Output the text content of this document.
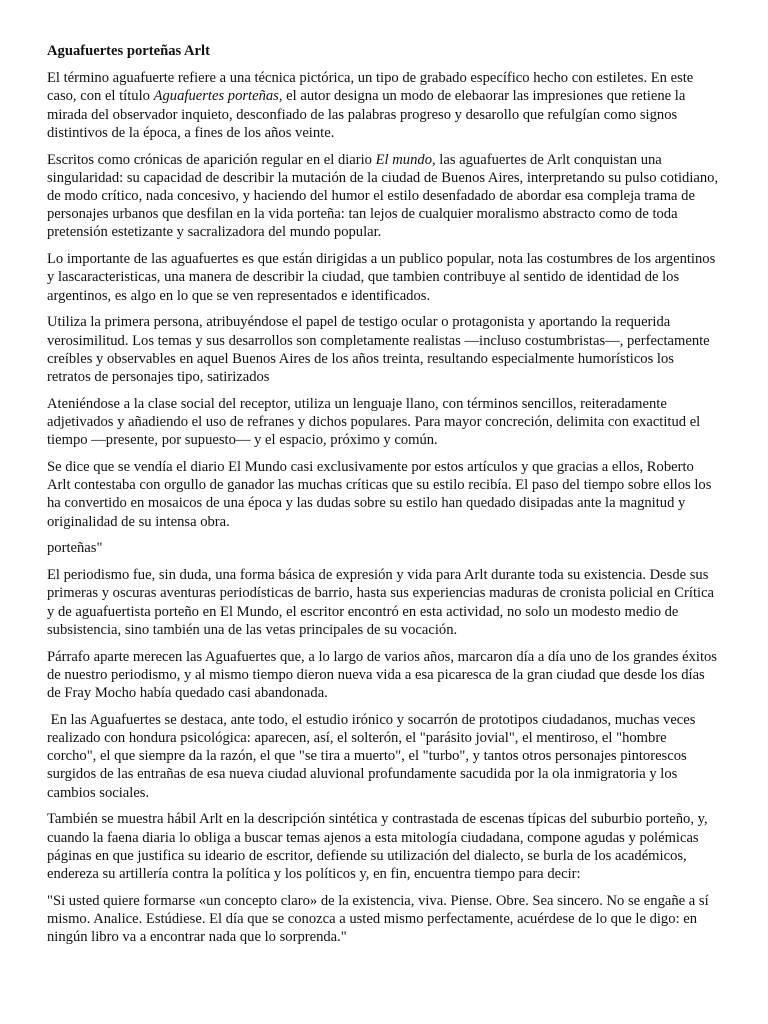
Aguafuertes porteñas Arlt

El término aguafuerte refiere a una técnica pictórica, un tipo de grabado específico hecho con estiletes. En este caso, con el título Aguafuertes porteñas, el autor designa un modo de elebaorar las impresiones que retiene la mirada del observador inquieto, desconfiado de las palabras progreso y desarollo que refulgían como signos distintivos de la época, a fines de los años veinte.

Escritos como crónicas de aparición regular en el diario El mundo, las aguafuertes de Arlt conquistan una singularidad: su capacidad de describir la mutación de la ciudad de Buenos Aires, interpretando su pulso cotidiano, de modo crítico, nada concesivo, y haciendo del humor el estilo desenfadado de abordar esa compleja trama de personajes urbanos que desfilan en la vida porteña: tan lejos de cualquier moralismo abstracto como de toda pretensión estetizante y sacralizadora del mundo popular.

Lo importante de las aguafuertes es que están dirigidas a un publico popular, nota las costumbres de los argentinos y lascaracteristicas, una manera de describir la ciudad, que tambien contribuye al sentido de identidad de los argentinos, es algo en lo que se ven representados e identificados.

Utiliza la primera persona, atribuyéndose el papel de testigo ocular o protagonista y aportando la requerida verosimilitud. Los temas y sus desarrollos son completamente realistas —incluso costumbristas—, perfectamente creíbles y observables en aquel Buenos Aires de los años treinta, resultando especialmente humorísticos los retratos de personajes tipo, satirizados

Ateniéndose a la clase social del receptor, utiliza un lenguaje llano, con términos sencillos, reiteradamente adjetivados y añadiendo el uso de refranes y dichos populares. Para mayor concreción, delimita con exactitud el tiempo —presente, por supuesto— y el espacio, próximo y común.

Se dice que se vendía el diario El Mundo casi exclusivamente por estos artículos y que gracias a ellos, Roberto Arlt contestaba con orgullo de ganador las muchas críticas que su estilo recibía. El paso del tiempo sobre ellos los ha convertido en mosaicos de una época y las dudas sobre su estilo han quedado disipadas ante la magnitud y originalidad de su intensa obra.

porteñas"

El periodismo fue, sin duda, una forma básica de expresión y vida para Arlt durante toda su existencia. Desde sus primeras y oscuras aventuras periodísticas de barrio, hasta sus experiencias maduras de cronista policial en Crítica y de aguafuertista porteño en El Mundo, el escritor encontró en esta actividad, no solo un modesto medio de subsistencia, sino también una de las vetas principales de su vocación.

Párrafo aparte merecen las Aguafuertes que, a lo largo de varios años, marcaron día a día uno de los grandes éxitos de nuestro periodismo, y al mismo tiempo dieron nueva vida a esa picaresca de la gran ciudad que desde los días de Fray Mocho había quedado casi abandonada.

En las Aguafuertes se destaca, ante todo, el estudio irónico y socarrón de prototipos ciudadanos, muchas veces realizado con hondura psicológica: aparecen, así, el solterón, el "parásito jovial", el mentiroso, el "hombre corcho", el que siempre da la razón, el que "se tira a muerto", el "turbo", y tantos otros personajes pintorescos surgidos de las entrañas de esa nueva ciudad aluvional profundamente sacudida por la ola inmigratoria y los cambios sociales.

También se muestra hábil Arlt en la descripción sintética y contrastada de escenas típicas del suburbio porteño, y, cuando la faena diaria lo obliga a buscar temas ajenos a esta mitología ciudadana, compone agudas y polémicas páginas en que justifica su ideario de escritor, defiende su utilización del dialecto, se burla de los académicos, endereza su artillería contra la política y los políticos y, en fin, encuentra tiempo para decir:

"Si usted quiere formarse «un concepto claro» de la existencia, viva. Piense. Obre. Sea sincero. No se engañe a sí mismo. Analice. Estúdiese. El día que se conozca a usted mismo perfectamente, acuérdese de lo que le digo: en ningún libro va a encontrar nada que lo sorprenda."
